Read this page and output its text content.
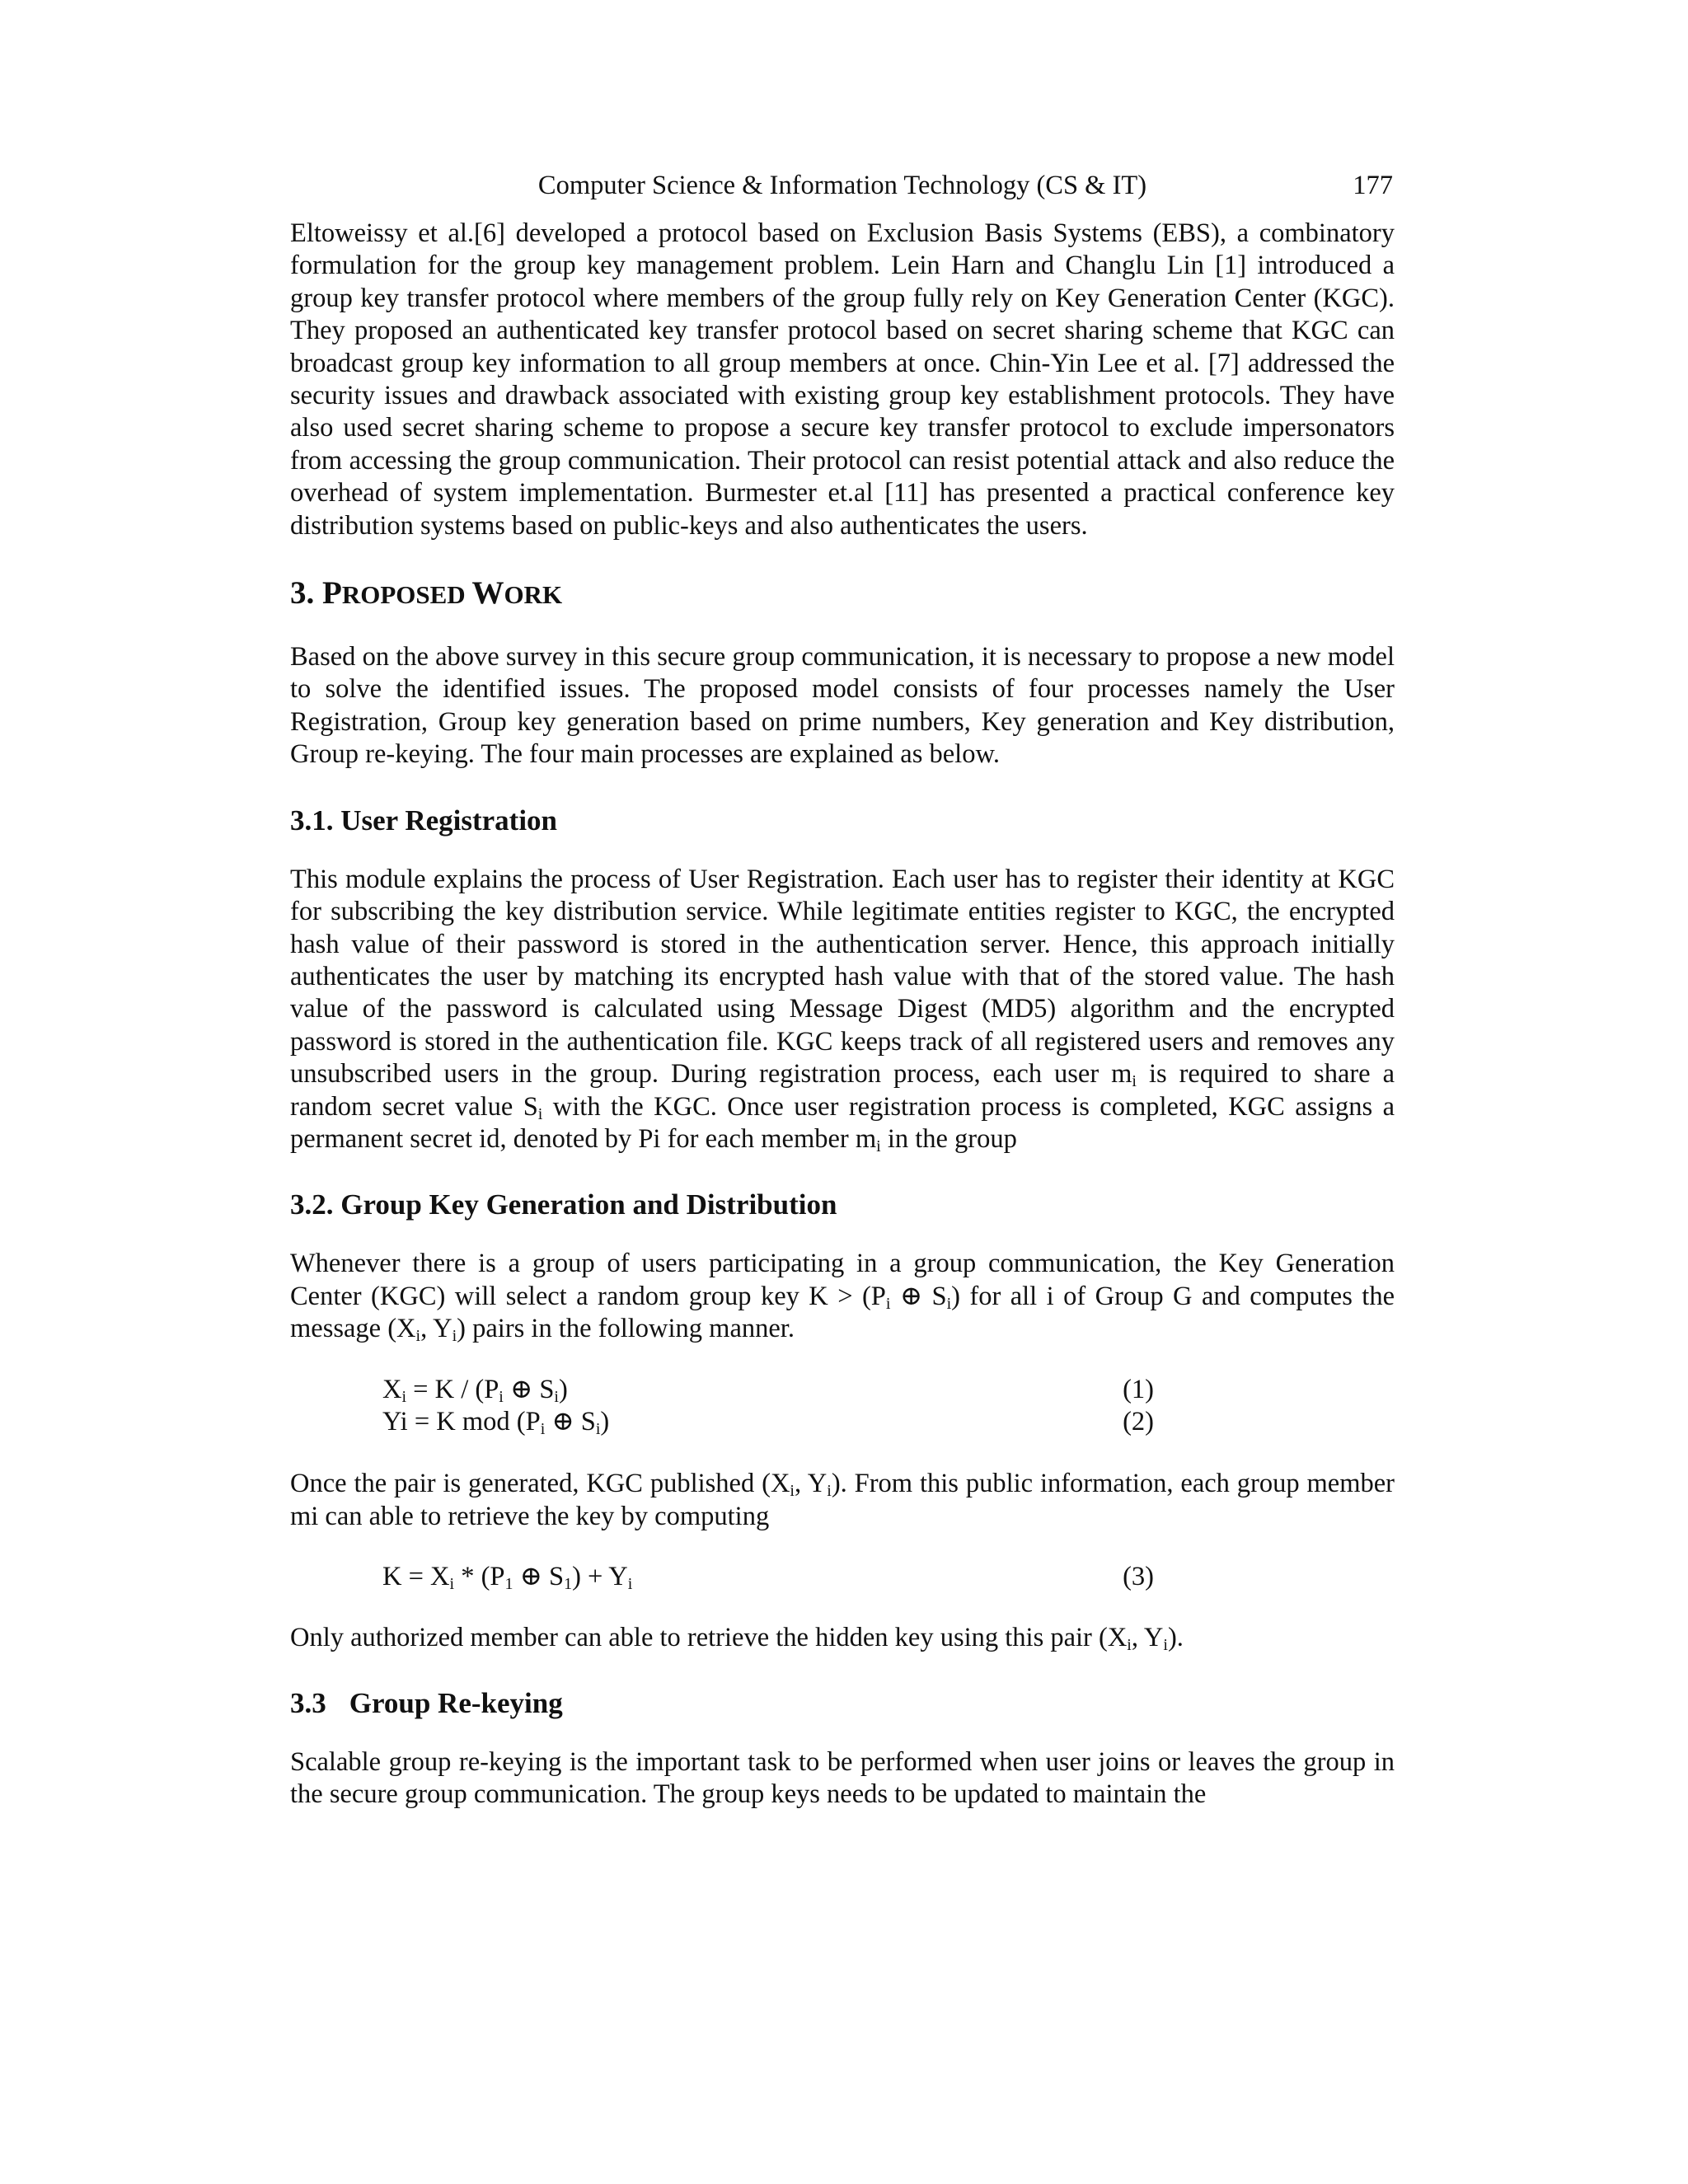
Computer Science & Information Technology (CS & IT)	177

Eltoweissy et al.[6] developed a protocol based on Exclusion Basis Systems (EBS), a combinatory formulation for the group key management problem. Lein Harn and Changlu Lin [1] introduced a group key transfer protocol where members of the group fully rely on Key Generation Center (KGC). They proposed an authenticated key transfer protocol based on secret sharing scheme that KGC can broadcast group key information to all group members at once. Chin-Yin Lee et al. [7] addressed the security issues and drawback associated with existing group key establishment protocols. They have also used secret sharing scheme to propose a secure key transfer protocol to exclude impersonators from accessing the group communication. Their protocol can resist potential attack and also reduce the overhead of system implementation. Burmester et.al [11] has presented a practical conference key distribution systems based on public-keys and also authenticates the users.

3. PROPOSED WORK

Based on the above survey in this secure group communication, it is necessary to propose a new model to solve the identified issues. The proposed model consists of four processes namely the User Registration, Group key generation based on prime numbers, Key generation and Key distribution, Group re-keying. The four main processes are explained as below.

3.1. User Registration

This module explains the process of User Registration. Each user has to register their identity at KGC for subscribing the key distribution service. While legitimate entities register to KGC, the encrypted hash value of their password is stored in the authentication server. Hence, this approach initially authenticates the user by matching its encrypted hash value with that of the stored value. The hash value of the password is calculated using Message Digest (MD5) algorithm and the encrypted password is stored in the authentication file. KGC keeps track of all registered users and removes any unsubscribed users in the group. During registration process, each user $m_i$ is required to share a random secret value $S_i$ with the KGC. Once user registration process is completed, KGC assigns a permanent secret id, denoted by Pi for each member $m_i$ in the group

3.2. Group Key Generation and Distribution

Whenever there is a group of users participating in a group communication, the Key Generation Center (KGC) will select a random group key $K > (P_i$ ⊕ $S_i$) for all i of Group G and computes the message ($X_i$, $Y_i$) pairs in the following manner.

$X_i = K / (P_i$ ⊕ $S_i$)	(1)
Yi = K mod ($P_i$ ⊕ $S_i$)	(2)

Once the pair is generated, KGC published ($X_i$, $Y_i$). From this public information, each group member mi can able to retrieve the key by computing

$K = X_i * (P_1$ ⊕ $S_1) + Y_i$	(3)

Only authorized member can able to retrieve the hidden key using this pair ($X_i$, $Y_i$).

3.3 Group Re-keying

Scalable group re-keying is the important task to be performed when user joins or leaves the group in the secure group communication. The group keys needs to be updated to maintain the
